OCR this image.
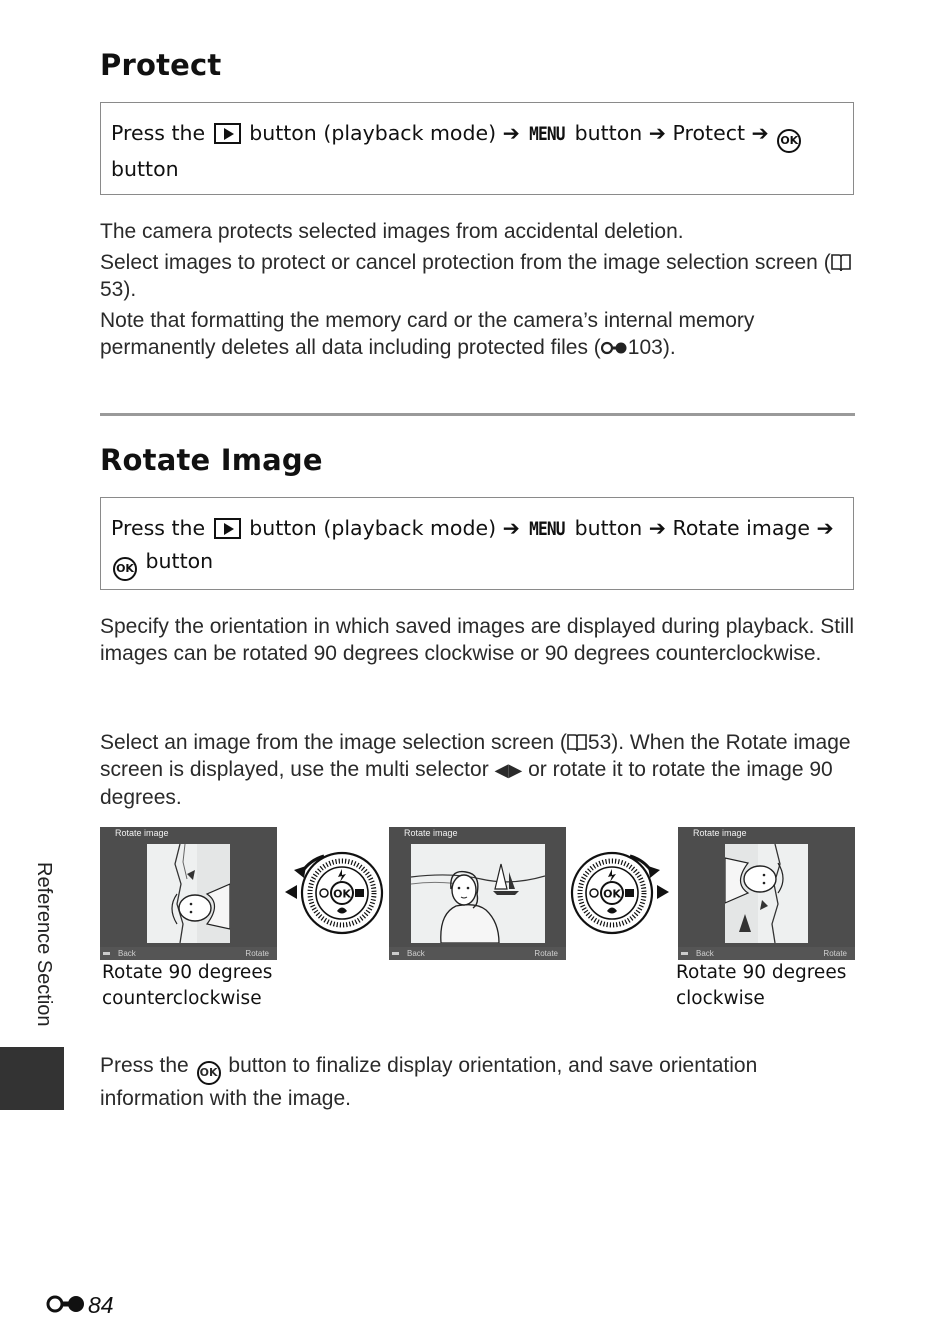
Protect
Press the button (playback mode) ➔ MENU button ➔ Protect ➔ OK
button
The camera protects selected images from accidental deletion.
Select images to protect or cancel protection from the image selection screen (53).
Note that formatting the memory card or the camera’s internal memory permanently deletes all data including protected files ( 103).
Rotate Image
Press the button (playback mode) ➔ MENU button ➔ Rotate image ➔
OK button

Specify the orientation in which saved images are displayed during playback. Still images can be rotated 90 degrees clockwise or 90 degrees counterclockwise.

Select an image from the image selection screen ( 53). When the Rotate image screen is displayed, use the multi selector ◀▶ or rotate it to rotate the image 90 degrees.

Rotate image
Back	Rotate
Rotate image
Back	Rotate
Rotate image
Back	Rotate
OK	OK
Rotate 90 degrees counterclockwise
Rotate 90 degrees clockwise

Press the OK button to finalize display orientation, and save orientation information with the image.

Reference Section
84
